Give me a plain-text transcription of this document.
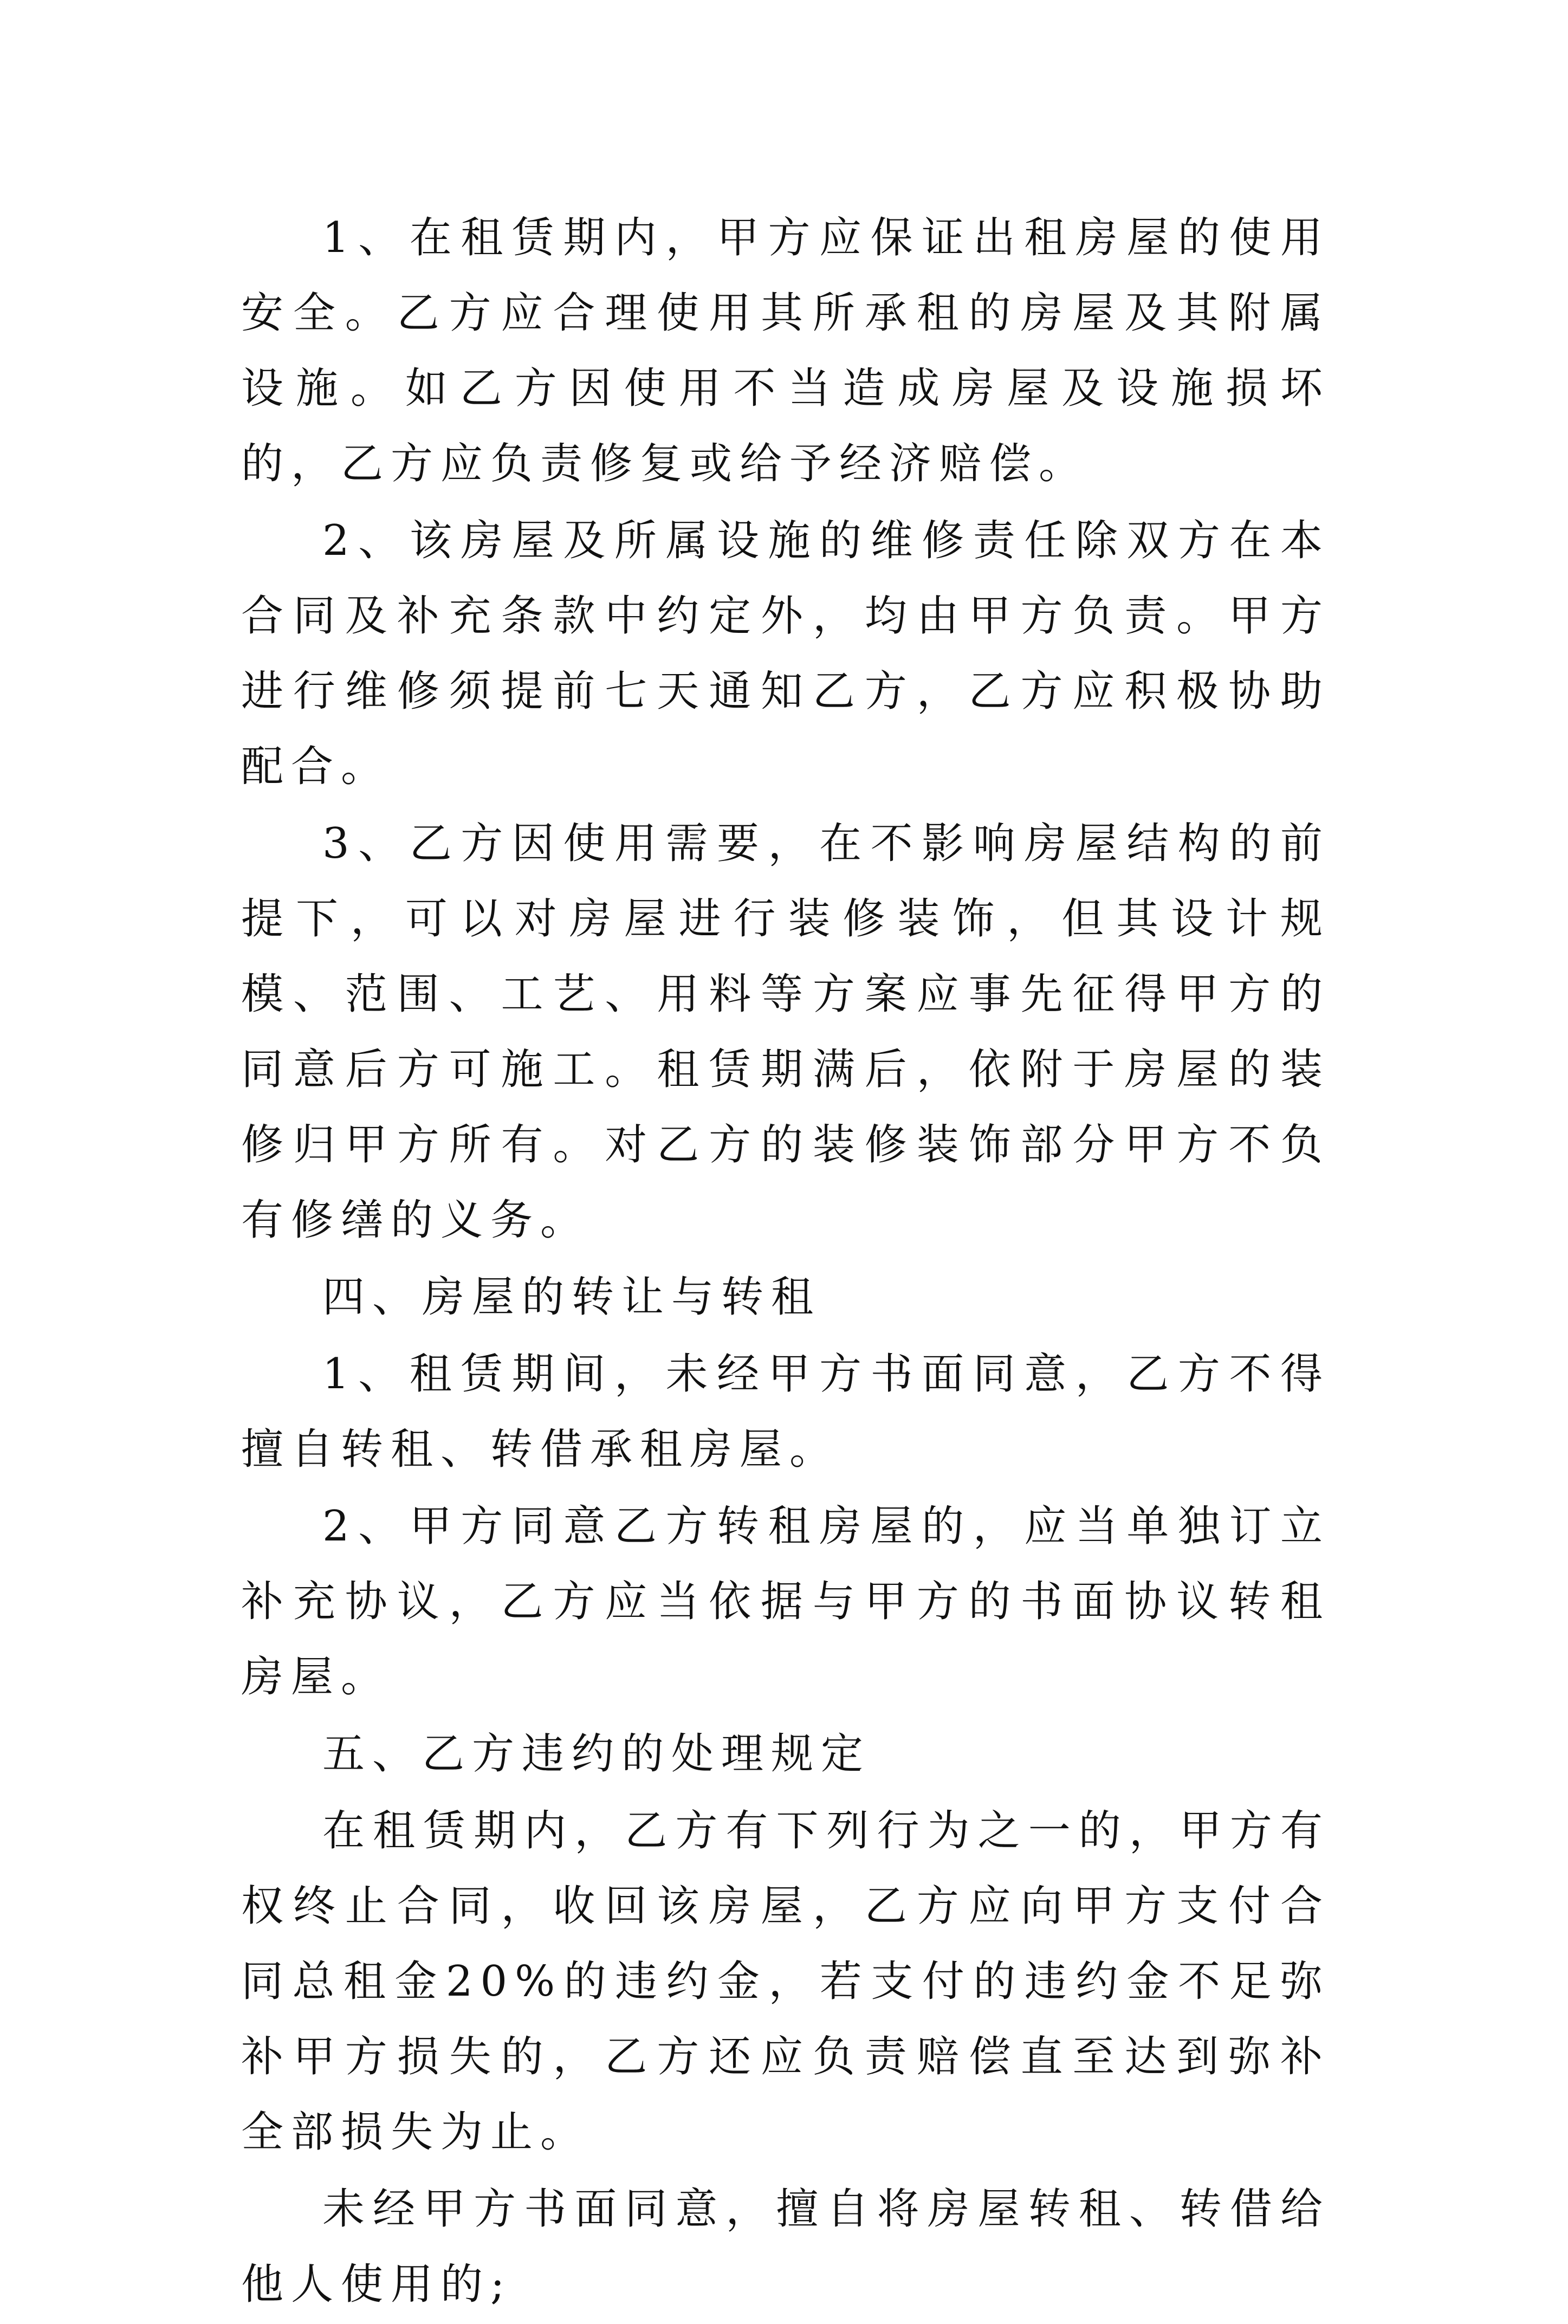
1、在租赁期内，甲方应保证出租房屋的使用安全。乙方应合理使用其所承租的房屋及其附属设施。如乙方因使用不当造成房屋及设施损坏的，乙方应负责修复或给予经济赔偿。

2、该房屋及所属设施的维修责任除双方在本合同及补充条款中约定外，均由甲方负责。甲方进行维修须提前七天通知乙方，乙方应积极协助配合。

3、乙方因使用需要，在不影响房屋结构的前提下，可以对房屋进行装修装饰，但其设计规模、范围、工艺、用料等方案应事先征得甲方的同意后方可施工。租赁期满后，依附于房屋的装修归甲方所有。对乙方的装修装饰部分甲方不负有修缮的义务。

四、房屋的转让与转租

1、租赁期间，未经甲方书面同意，乙方不得擅自转租、转借承租房屋。

2、甲方同意乙方转租房屋的，应当单独订立补充协议，乙方应当依据与甲方的书面协议转租房屋。

五、乙方违约的处理规定

在租赁期内，乙方有下列行为之一的，甲方有权终止合同，收回该房屋，乙方应向甲方支付合同总租金20%的违约金，若支付的违约金不足弥补甲方损失的，乙方还应负责赔偿直至达到弥补全部损失为止。

未经甲方书面同意，擅自将房屋转租、转借给他人使用的;
